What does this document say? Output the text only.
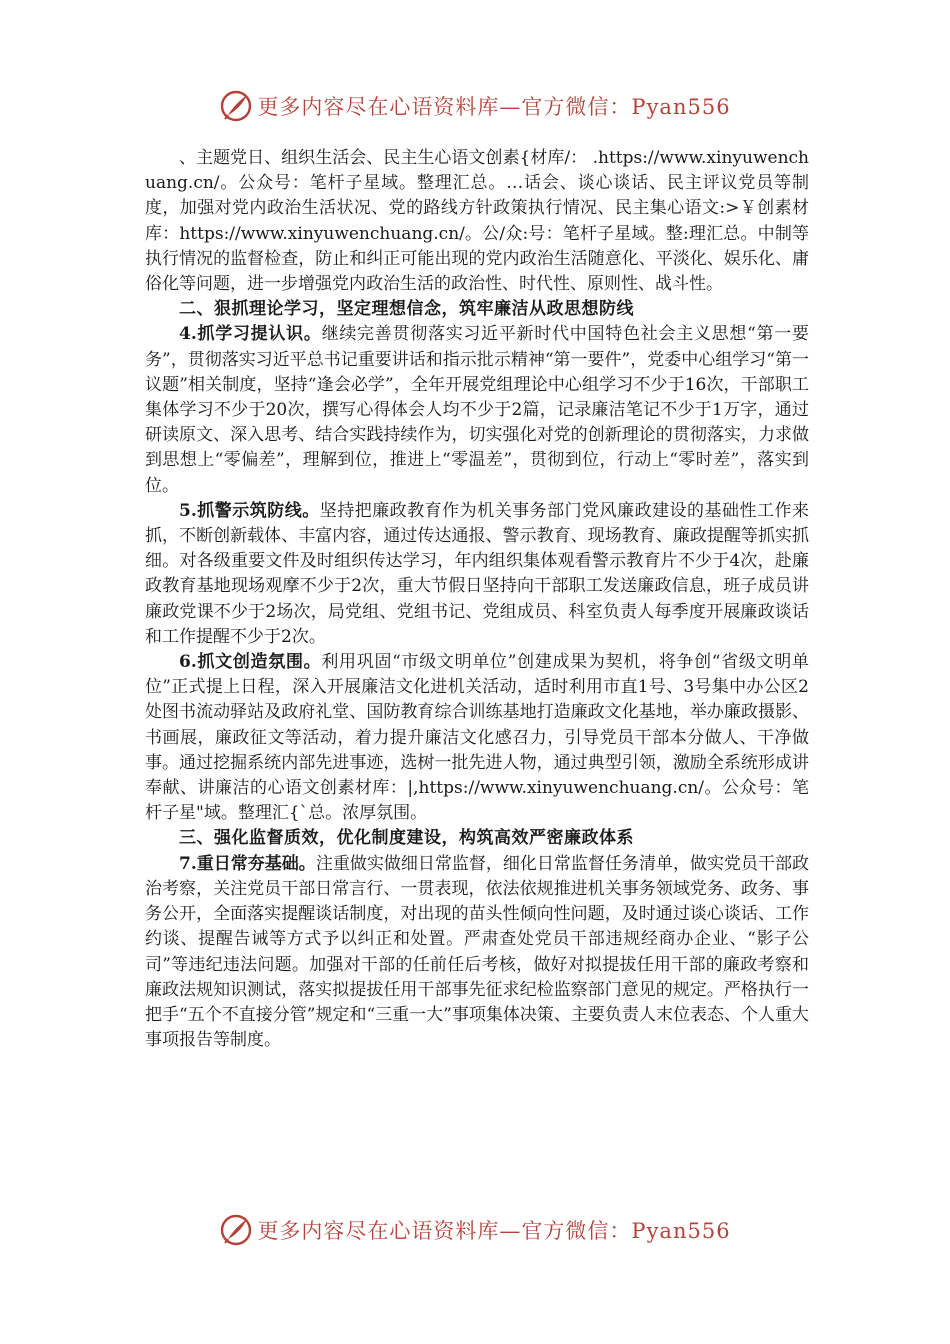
更多内容尽在心语资料库—官方微信：Pyan556

、主题党日、组织生活会、民主生心语文创素{材库/： .https://www.xinyuwenchuang.cn/。公众号：笔杆子星域。整理汇总。…话会、谈心谈话、民主评议党员等制度，加强对党内政治生活状况、党的路线方针政策执行情况、民主集心语文:>￥创素材库：https://www.xinyuwenchuang.cn/。公/众:号：笔杆子星域。整:理汇总。中制等执行情况的监督检查，防止和纠正可能出现的党内政治生活随意化、平淡化、娱乐化、庸俗化等问题，进一步增强党内政治生活的政治性、时代性、原则性、战斗性。

二、狠抓理论学习，坚定理想信念，筑牢廉洁从政思想防线

4.抓学习提认识。继续完善贯彻落实习近平新时代中国特色社会主义思想“第一要务”，贯彻落实习近平总书记重要讲话和指示批示精神“第一要件”，党委中心组学习“第一议题”相关制度，坚持“逢会必学”，全年开展党组理论中心组学习不少于16次，干部职工集体学习不少于20次，撰写心得体会人均不少于2篇，记录廉洁笔记不少于1万字，通过研读原文、深入思考、结合实践持续作为，切实强化对党的创新理论的贯彻落实，力求做到思想上“零偏差”，理解到位，推进上“零温差”，贯彻到位，行动上“零时差”，落实到位。

5.抓警示筑防线。坚持把廉政教育作为机关事务部门党风廉政建设的基础性工作来抓，不断创新载体、丰富内容，通过传达通报、警示教育、现场教育、廉政提醒等抓实抓细。对各级重要文件及时组织传达学习，年内组织集体观看警示教育片不少于4次，赴廉政教育基地现场观摩不少于2次，重大节假日坚持向干部职工发送廉政信息，班子成员讲廉政党课不少于2场次，局党组、党组书记、党组成员、科室负责人每季度开展廉政谈话和工作提醒不少于2次。

6.抓文创造氛围。利用巩固“市级文明单位”创建成果为契机，将争创“省级文明单位”正式提上日程，深入开展廉洁文化进机关活动，适时利用市直1号、3号集中办公区2处图书流动驿站及政府礼堂、国防教育综合训练基地打造廉政文化基地，举办廉政摄影、书画展，廉政征文等活动，着力提升廉洁文化感召力，引导党员干部本分做人、干净做事。通过挖掘系统内部先进事迹，选树一批先进人物，通过典型引领，激励全系统形成讲奉献、讲廉洁的心语文创素材库：|,https://www.xinyuwenchuang.cn/。公众号：笔杆子星"域。整理汇{`总。浓厚氛围。

三、强化监督质效，优化制度建设，构筑高效严密廉政体系

7.重日常夯基础。注重做实做细日常监督，细化日常监督任务清单，做实党员干部政治考察，关注党员干部日常言行、一贯表现，依法依规推进机关事务领域党务、政务、事务公开，全面落实提醒谈话制度，对出现的苗头性倾向性问题，及时通过谈心谈话、工作约谈、提醒告诫等方式予以纠正和处置。严肃查处党员干部违规经商办企业、“影子公司”等违纪违法问题。加强对干部的任前任后考核，做好对拟提拔任用干部的廉政考察和廉政法规知识测试，落实拟提拔任用干部事先征求纪检监察部门意见的规定。严格执行一把手“五个不直接分管”规定和“三重一大”事项集体决策、主要负责人末位表态、个人重大事项报告等制度。

更多内容尽在心语资料库—官方微信：Pyan556
